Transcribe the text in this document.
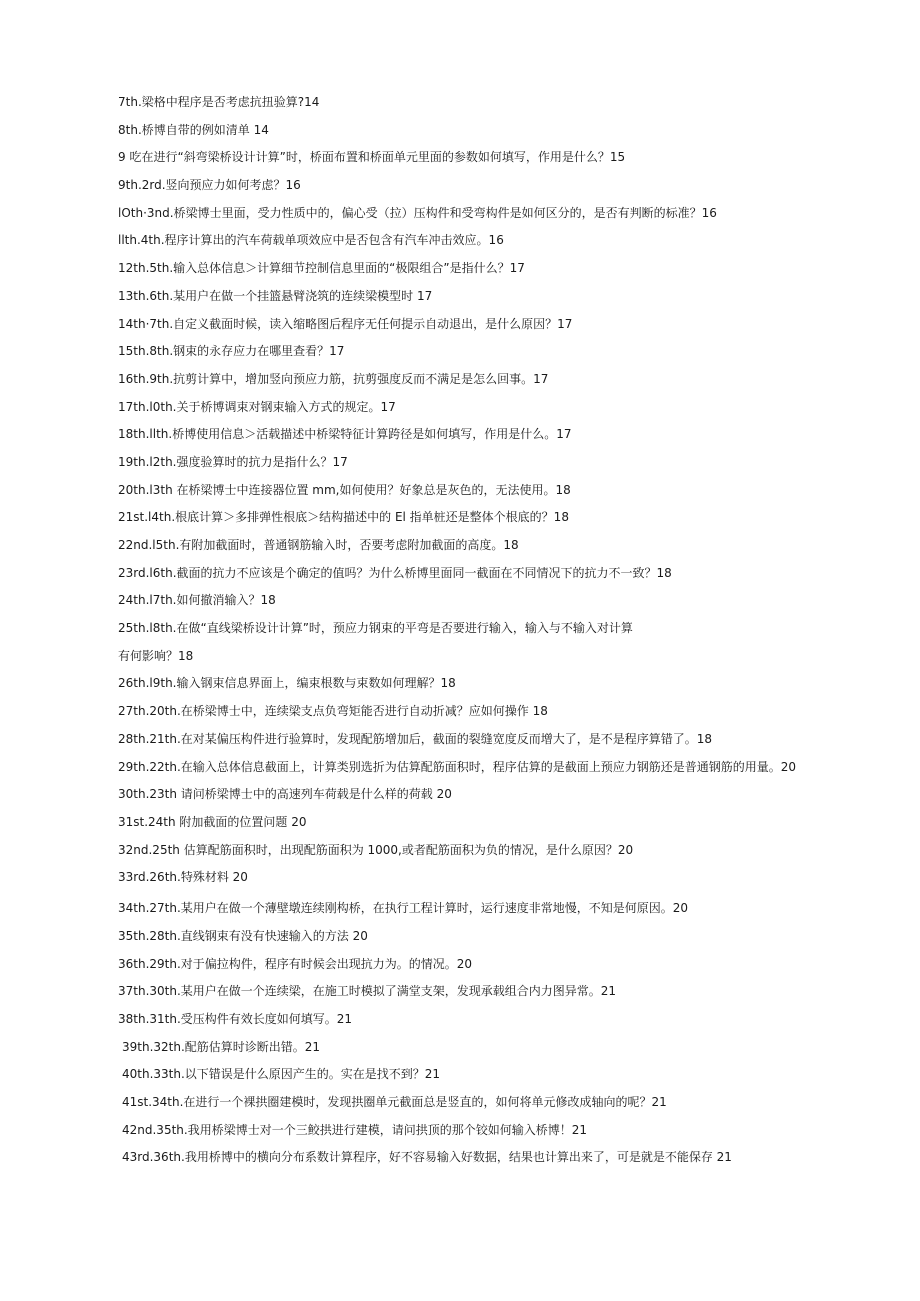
7th.梁格中程序是否考虑抗扭验算?14
8th.桥博自带的例如清单 14
9 吃在进行“斜弯梁桥设计计算”时，桥面布置和桥面单元里面的参数如何填写，作用是什么？15
9th.2rd.竖向预应力如何考虑？16
lOth·3nd.桥梁博士里面，受力性质中的，偏心受（拉）压构件和受弯构件是如何区分的，是否有判断的标准？16
llth.4th.程序计算出的汽车荷载单项效应中是否包含有汽车冲击效应。16
12th.5th.输入总体信息＞计算细节控制信息里面的“极限组合”是指什么？17
13th.6th.某用户在做一个挂篮悬臂浇筑的连续梁模型时 17
14th·7th.自定义截面时候，读入缩略图后程序无任何提示自动退出，是什么原因？17
15th.8th.钢束的永存应力在哪里查看？17
16th.9th.抗剪计算中，增加竖向预应力筋，抗剪强度反而不满足是怎么回事。17
17th.l0th.关于桥博调束对钢束输入方式的规定。17
18th.llth.桥博使用信息＞活载描述中桥梁特征计算跨径是如何填写，作用是什么。17
19th.l2th.强度验算时的抗力是指什么？17
20th.l3th 在桥梁博士中连接器位置 mm,如何使用？好象总是灰色的，无法使用。18
21st.l4th.根底计算＞多排弹性根底＞结构描述中的 El 指单桩还是整体个根底的？18
22nd.l5th.有附加截面时，普通钢筋输入时，否要考虑附加截面的高度。18
23rd.l6th.截面的抗力不应该是个确定的值吗？为什么桥博里面同一截面在不同情况下的抗力不一致？18
24th.l7th.如何撤消输入？18
25th.l8th.在做“直线梁桥设计计算”时，预应力钢束的平弯是否要进行输入，输入与不输入对计算
有何影响？18
26th.l9th.输入钢束信息界面上，编束根数与束数如何理解？18
27th.20th.在桥梁博士中，连续梁支点负弯矩能否进行自动折减？应如何操作 18
28th.21th.在对某偏压构件进行验算时，发现配筋增加后，截面的裂缝宽度反而增大了，是不是程序算错了。18
29th.22th.在输入总体信息截面上，计算类别选折为估算配筋面积时，程序估算的是截面上预应力钢筋还是普通钢筋的用量。20
30th.23th 请问桥梁博士中的高速列车荷载是什么样的荷载 20
31st.24th 附加截面的位置问题 20
32nd.25th 估算配筋面积时，出现配筋面积为 1000,或者配筋面积为负的情况，是什么原因？20
33rd.26th.特殊材料 20
34th.27th.某用户在做一个薄壁墩连续刚构桥，在执行工程计算时，运行速度非常地慢，不知是何原因。20
35th.28th.直线钢束有没有快速输入的方法 20
36th.29th.对于偏拉构件，程序有时候会出现抗力为。的情况。20
37th.30th.某用户在做一个连续梁，在施工时模拟了满堂支架，发现承载组合内力图异常。21
38th.31th.受压构件有效长度如何填写。21
39th.32th.配筋估算时诊断出错。21
40th.33th.以下错误是什么原因产生的。实在是找不到？21
41st.34th.在进行一个裸拱圈建模时，发现拱圈单元截面总是竖直的，如何将单元修改成轴向的呢？21
42nd.35th.我用桥梁博士对一个三鲛拱进行建模，请问拱顶的那个铰如何输入桥博！21
43rd.36th.我用桥博中的横向分布系数计算程序，好不容易输入好数据，结果也计算出来了，可是就是不能保存 21
